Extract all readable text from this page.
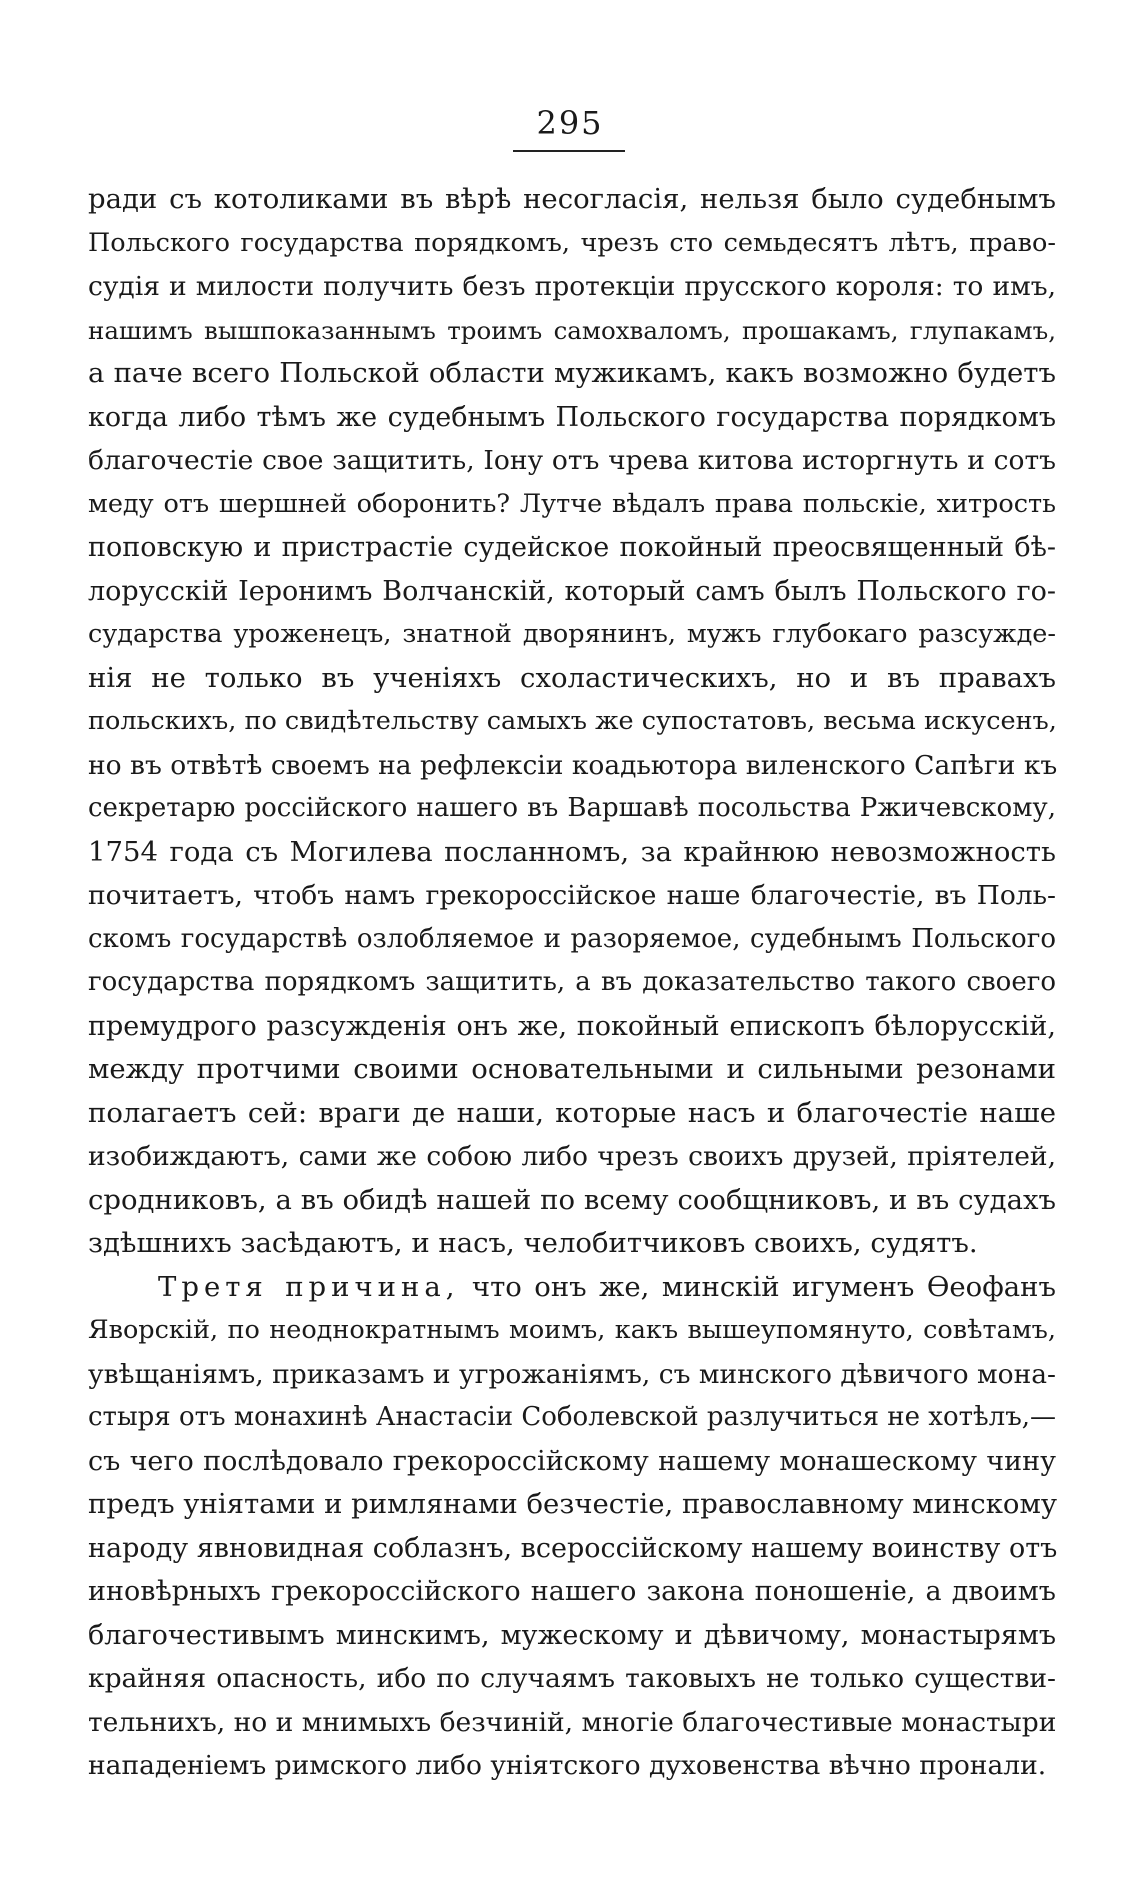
295
ради съ котоликами въ вѣрѣ несогласія, нельзя было судебнымъ
Польского государства порядкомъ, чрезъ сто семьдесятъ лѣтъ, право-
судія и милости получить безъ протекціи прусского короля: то имъ,
нашимъ вышпоказаннымъ троимъ самохваломъ, прошакамъ, глупакамъ,
а паче всего Польской области мужикамъ, какъ возможно будетъ
когда либо тѣмъ же судебнымъ Польского государства порядкомъ
благочестіе свое защитить, Іону отъ чрева китова исторгнуть и сотъ
меду отъ шершней оборонить? Лутче вѣдалъ права польскіе, хитрость
поповскую и пристрастіе судейское покойный преосвященный бѣ-
лорусскій Іеронимъ Волчанскій, который самъ былъ Польского го-
сударства уроженецъ, знатной дворянинъ, мужъ глубокаго разсужде-
нія не только въ ученіяхъ схоластическихъ, но и въ правахъ
польскихъ, по свидѣтельству самыхъ же супостатовъ, весьма искусенъ,
но въ отвѣтѣ своемъ на рефлексіи коадьютора виленского Сапѣги къ
секретарю россійского нашего въ Варшавѣ посольства Ржичевскому,
1754 года съ Могилева посланномъ, за крайнюю невозможность
почитаетъ, чтобъ намъ грекороссійское наше благочестіе, въ Поль-
скомъ государствѣ озлобляемое и разоряемое, судебнымъ Польского
государства порядкомъ защитить, а въ доказательство такого своего
премудрого разсужденія онъ же, покойный епископъ бѣлорусскій,
между протчими своими основательными и сильными резонами
полагаетъ сей: враги де наши, которые насъ и благочестіе наше
изобиждаютъ, сами же собою либо чрезъ своихъ друзей, пріятелей,
сродниковъ, а въ обидѣ нашей по всему сообщниковъ, и въ судахъ
здѣшнихъ засѣдаютъ, и насъ, челобитчиковъ своихъ, судятъ.
Третя причина, что онъ же, минскій игуменъ Ѳеофанъ
Яворскій, по неоднократнымъ моимъ, какъ вышеупомянуто, совѣтамъ,
увѣщаніямъ, приказамъ и угрожаніямъ, съ минского дѣвичого мона-
стыря отъ монахинѣ Анастасіи Соболевской разлучиться не хотѣлъ,—
съ чего послѣдовало грекороссійскому нашему монашескому чину
предъ уніятами и римлянами безчестіе, православному минскому
народу явновидная соблазнъ, всероссійскому нашему воинству отъ
иновѣрныхъ грекороссійского нашего закона поношеніе, а двоимъ
благочестивымъ минскимъ, мужескому и дѣвичому, монастырямъ
крайняя опасность, ибо по случаямъ таковыхъ не только существи-
тельнихъ, но и мнимыхъ безчиній, многіе благочестивые монастыри
нападеніемъ римского либо уніятского духовенства вѣчно пронали.
